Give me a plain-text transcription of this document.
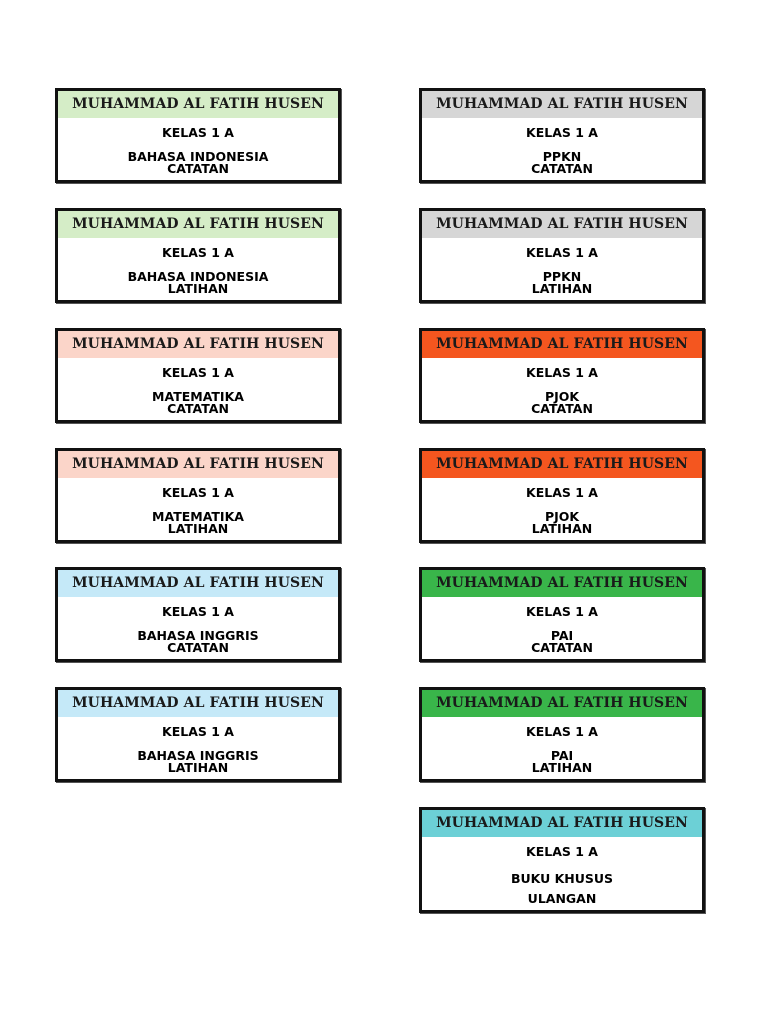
MUHAMMAD AL FATIH HUSEN
KELAS 1 A
BAHASA INDONESIA
CATATAN
MUHAMMAD AL FATIH HUSEN
KELAS 1 A
BAHASA INDONESIA
LATIHAN
MUHAMMAD AL FATIH HUSEN
KELAS 1 A
MATEMATIKA
CATATAN
MUHAMMAD AL FATIH HUSEN
KELAS 1 A
MATEMATIKA
LATIHAN
MUHAMMAD AL FATIH HUSEN
KELAS 1 A
BAHASA INGGRIS
CATATAN
MUHAMMAD AL FATIH HUSEN
KELAS 1 A
BAHASA INGGRIS
LATIHAN
MUHAMMAD AL FATIH HUSEN
KELAS 1 A
PPKN
CATATAN
MUHAMMAD AL FATIH HUSEN
KELAS 1 A
PPKN
LATIHAN
MUHAMMAD AL FATIH HUSEN
KELAS 1 A
PJOK
CATATAN
MUHAMMAD AL FATIH HUSEN
KELAS 1 A
PJOK
LATIHAN
MUHAMMAD AL FATIH HUSEN
KELAS 1 A
PAI
CATATAN
MUHAMMAD AL FATIH HUSEN
KELAS 1 A
PAI
LATIHAN
MUHAMMAD AL FATIH HUSEN
KELAS 1 A
BUKU KHUSUS
ULANGAN
